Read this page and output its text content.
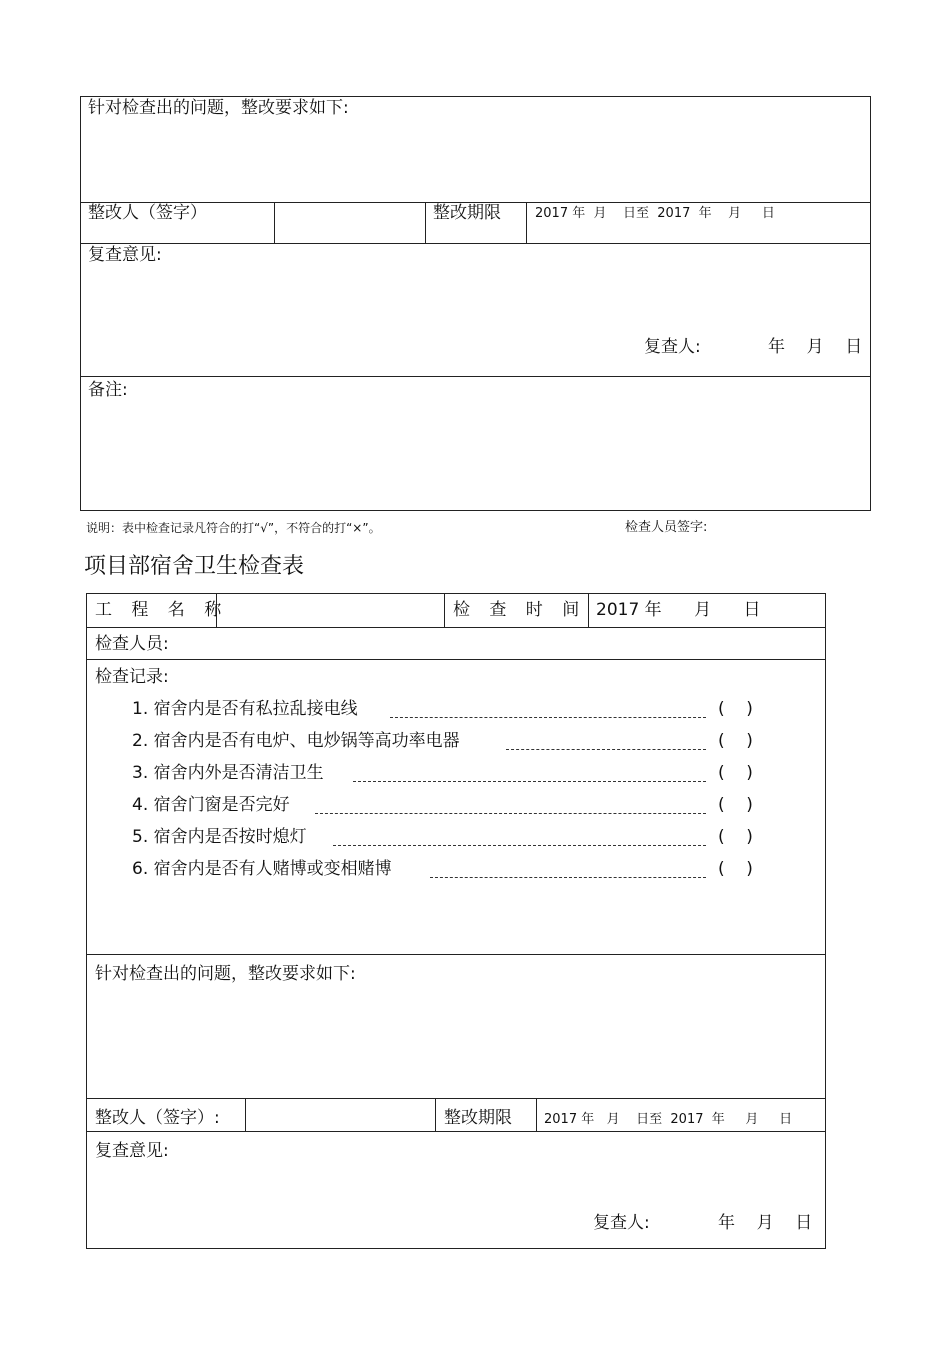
针对检查出的问题，整改要求如下:
整改人（签字）	整改期限	2017 年  月    日至  2017  年    月     日
复查意见:
复查人:	年    月    日
备注:
说明：表中检查记录凡符合的打“√”，不符合的打“×”。	检查人员签字:
项目部宿舍卫生检查表
工 程 名 称	检 查 时 间 2017 年      月      日
检查人员:
检查记录:
1. 宿舍内是否有私拉乱接电线	(    )
2. 宿舍内是否有电炉、电炒锅等高功率电器	(    )
3. 宿舍内外是否清洁卫生	(    )
4. 宿舍门窗是否完好	(    )
5. 宿舍内是否按时熄灯	(    )
6. 宿舍内是否有人赌博或变相赌博	(    )
针对检查出的问题，整改要求如下:
整改人（签字）:	整改期限 2017 年   月    日至  2017  年     月     日
复查意见:
复查人:	年    月    日
